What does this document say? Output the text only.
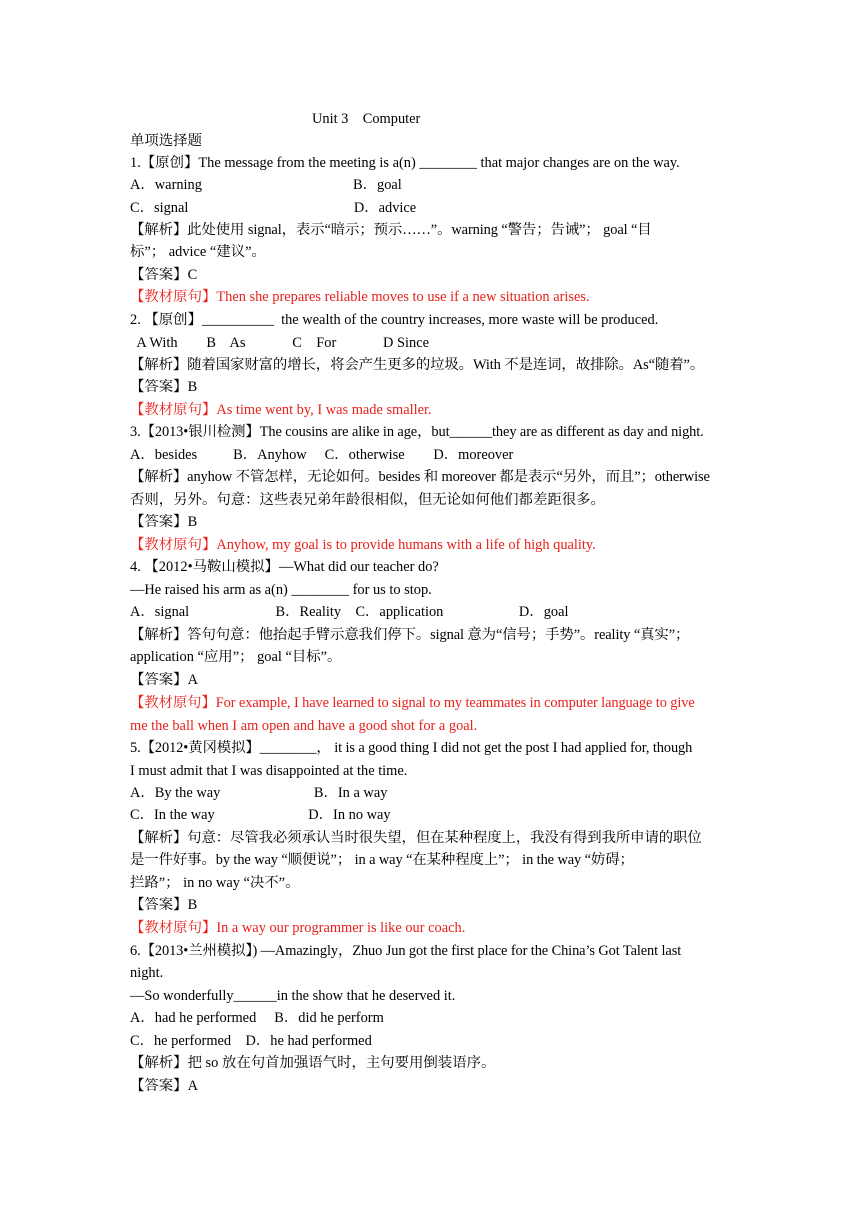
Unit 3    Computer
单项选择题
1.【原创】The message from the meeting is a(n) ________ that major changes are on the way.
A．warning                                          B．goal
C．signal                                              D．advice
【解析】此处使用 signal，表示“暗示；预示……”。warning “警告；告诫”； goal “目
标”； advice “建议”。
【答案】C
【教材原句】Then she prepares reliable moves to use if a new situation arises.
2. 【原创】__________  the wealth of the country increases, more waste will be produced.
A With        B    As             C    For             D Since
【解析】随着国家财富的增长，将会产生更多的垃圾。With 不是连词，故排除。As“随着”。
【答案】B
【教材原句】As time went by, I was made smaller.
3.【2013•银川检测】The cousins are alike in age，but______they are as different as day and night.
A．besides          B．Anyhow     C．otherwise        D．moreover
【解析】anyhow 不管怎样，无论如何。besides 和 moreover 都是表示“另外，而且”；otherwise
否则，另外。句意：这些表兄弟年龄很相似，但无论如何他们都差距很多。
【答案】B
【教材原句】Anyhow, my goal is to provide humans with a life of high quality.
4. 【2012•马鞍山模拟】—What did our teacher do?
—He raised his arm as a(n) ________ for us to stop.
A．signal                        B．Reality    C．application                     D．goal
【解析】答句句意：他抬起手臂示意我们停下。signal 意为“信号；手势”。reality “真实”；
application “应用”； goal “目标”。
【答案】A
【教材原句】For example, I have learned to signal to my teammates in computer language to give
me the ball when I am open and have a good shot for a goal.
5.【2012•黄冈模拟】________， it is a good thing I did not get the post I had applied for, though
I must admit that I was disappointed at the time.
A．By the way                          B．In a way
C．In the way                          D．In no way
【解析】句意：尽管我必须承认当时很失望，但在某种程度上，我没有得到我所申请的职位
是一件好事。by the way “顺便说”； in a way “在某种程度上”； in the way “妨碍；
拦路”； in no way “决不”。
【答案】B
【教材原句】In a way our programmer is like our coach.
6.【2013•兰州模拟】) —Amazingly，Zhuo Jun got the first place for the China’s Got Talent last
night.
—So wonderfully______in the show that he deserved it.
A．had he performed     B．did he perform
C．he performed    D．he had performed
【解析】把 so 放在句首加强语气时，主句要用倒装语序。
【答案】A
